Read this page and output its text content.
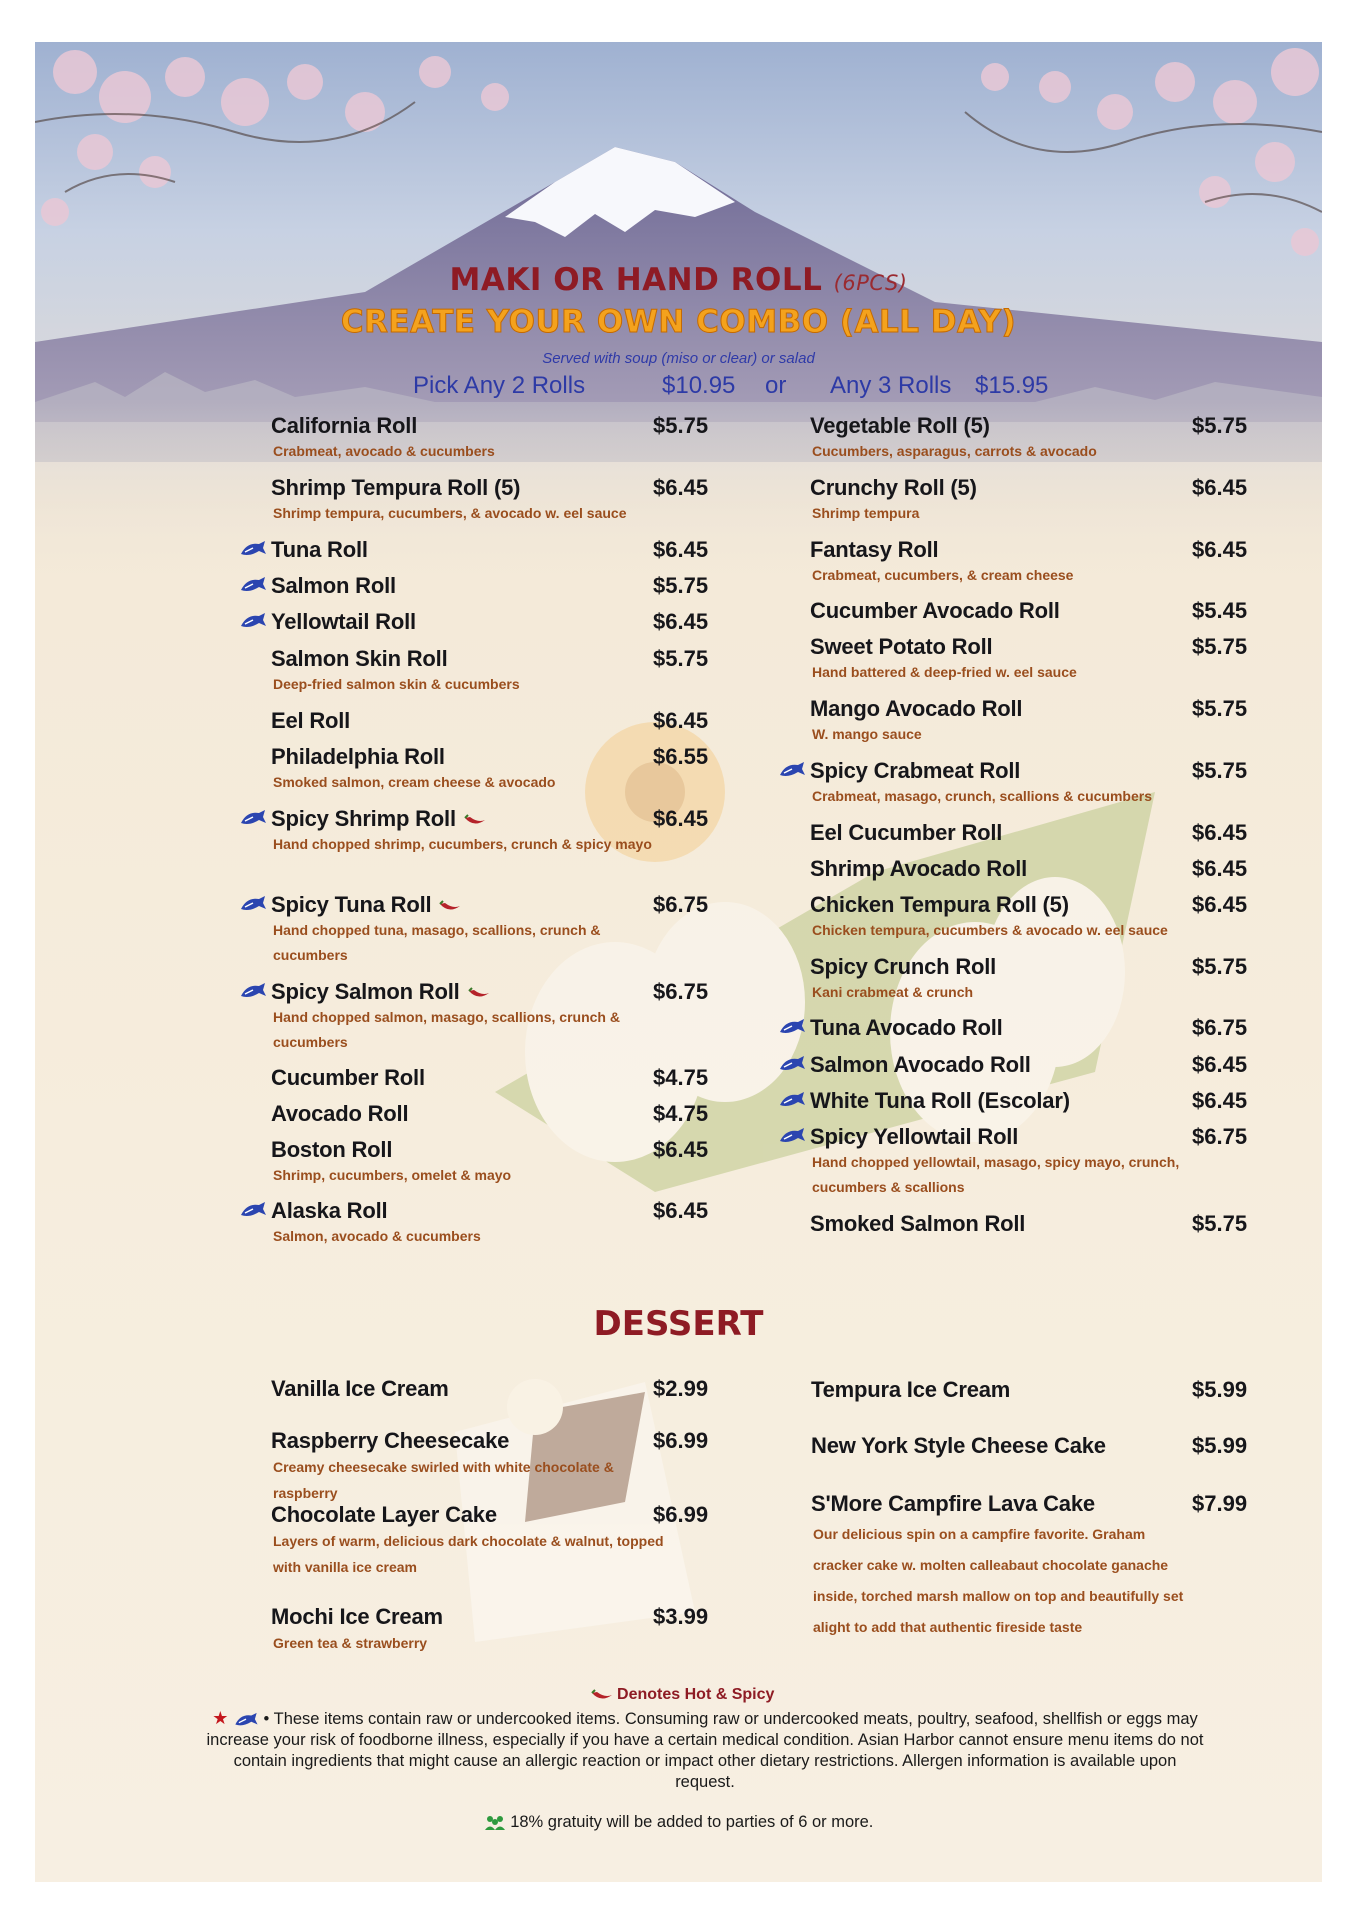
MAKI OR HAND ROLL (6PCS)
CREATE YOUR OWN COMBO (ALL DAY)
Served with soup (miso or clear) or salad
Pick Any 2 Rolls	$10.95 or Any 3 Rolls $15.95
California Roll	$5.75
Crabmeat, avocado & cucumbers
Shrimp Tempura Roll (5)	$6.45
Shrimp tempura, cucumbers, & avocado w. eel sauce
Tuna Roll	$6.45
Salmon Roll	$5.75
Yellowtail Roll	$6.45
Salmon Skin Roll	$5.75
Deep-fried salmon skin & cucumbers
Eel Roll	$6.45
Philadelphia Roll	$6.55
Smoked salmon, cream cheese & avocado
Spicy Shrimp Roll	$6.45
Hand chopped shrimp, cucumbers, crunch & spicy mayo
Spicy Tuna Roll	$6.75
Hand chopped tuna, masago, scallions, crunch & cucumbers
Spicy Salmon Roll	$6.75
Hand chopped salmon, masago, scallions, crunch & cucumbers
Cucumber Roll	$4.75
Avocado Roll	$4.75
Boston Roll	$6.45
Shrimp, cucumbers, omelet & mayo
Alaska Roll	$6.45
Salmon, avocado & cucumbers
Vegetable Roll (5)	$5.75
Cucumbers, asparagus, carrots & avocado
Crunchy Roll (5)	$6.45
Shrimp tempura
Fantasy Roll	$6.45
Crabmeat, cucumbers, & cream cheese
Cucumber Avocado Roll	$5.45
Sweet Potato Roll	$5.75
Hand battered & deep-fried w. eel sauce
Mango Avocado Roll	$5.75
W. mango sauce
Spicy Crabmeat Roll	$5.75
Crabmeat, masago, crunch, scallions & cucumbers
Eel Cucumber Roll	$6.45
Shrimp Avocado Roll	$6.45
Chicken Tempura Roll (5)	$6.45
Chicken tempura, cucumbers & avocado w. eel sauce
Spicy Crunch Roll	$5.75
Kani crabmeat & crunch
Tuna Avocado Roll	$6.75
Salmon Avocado Roll	$6.45
White Tuna Roll (Escolar)	$6.45
Spicy Yellowtail Roll	$6.75
Hand chopped yellowtail, masago, spicy mayo, crunch, cucumbers & scallions
Smoked Salmon Roll	$5.75
DESSERT
Vanilla Ice Cream	$2.99
Raspberry Cheesecake	$6.99
Creamy cheesecake swirled with white chocolate & raspberry
Chocolate Layer Cake	$6.99
Layers of warm, delicious dark chocolate & walnut, topped with vanilla ice cream
Mochi Ice Cream	$3.99
Green tea & strawberry
Tempura Ice Cream	$5.99
New York Style Cheese Cake	$5.99
S'More Campfire Lava Cake	$7.99
Our delicious spin on a campfire favorite. Graham cracker cake w. molten calleabaut chocolate ganache inside, torched marsh mallow on top and beautifully set alight to add that authentic fireside taste
Denotes Hot & Spicy
★ • These items contain raw or undercooked items. Consuming raw or undercooked meats, poultry, seafood, shellfish or eggs may increase your risk of foodborne illness, especially if you have a certain medical condition. Asian Harbor cannot ensure menu items do not contain ingredients that might cause an allergic reaction or impact other dietary restrictions. Allergen information is available upon request.
18% gratuity will be added to parties of 6 or more.
